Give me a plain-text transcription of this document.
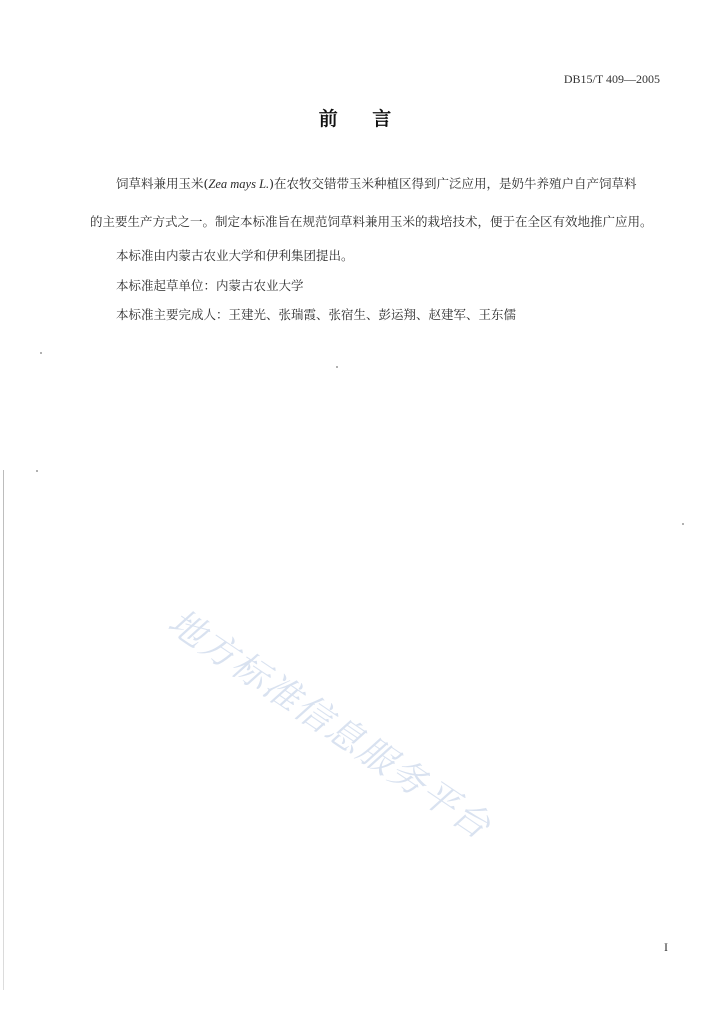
DB15/T 409—2005
前 言
饲草料兼用玉米(Zea mays L.)在农牧交错带玉米种植区得到广泛应用，是奶牛养殖户自产饲草料
的主要生产方式之一。制定本标准旨在规范饲草料兼用玉米的栽培技术，便于在全区有效地推广应用。
本标准由内蒙古农业大学和伊利集团提出。
本标准起草单位：内蒙古农业大学
本标准主要完成人：王建光、张瑞霞、张宿生、彭运翔、赵建军、王东儒
地方标准信息服务平台
I
